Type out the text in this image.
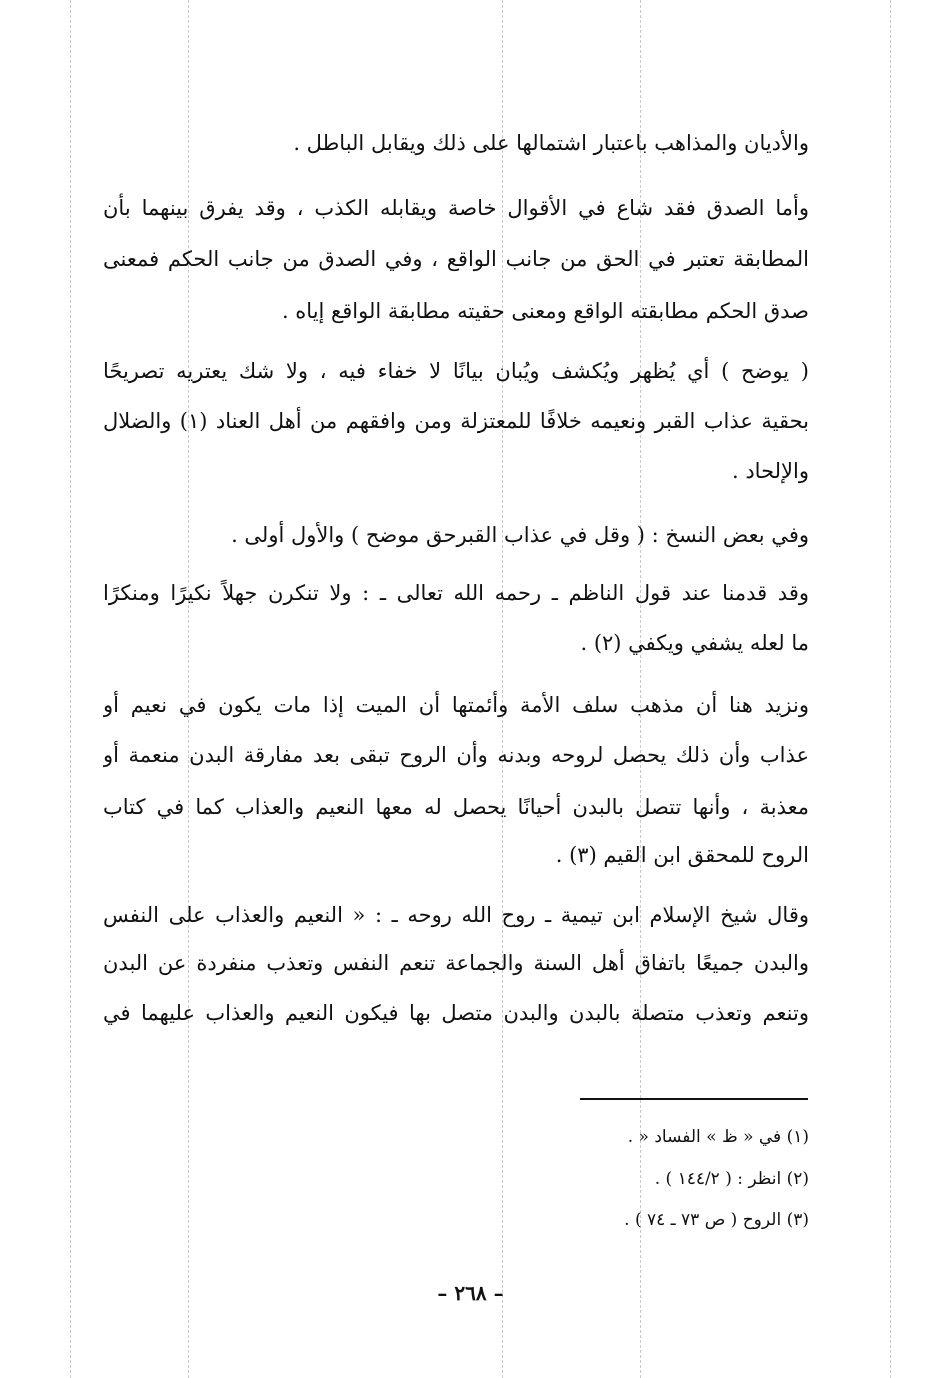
والأديان والمذاهب باعتبار اشتمالها على ذلك ويقابل الباطل .
وأما الصدق فقد شاع في الأقوال خاصة ويقابله الكذب ، وقد يفرق بينهما بأن
المطابقة تعتبر في الحق من جانب الواقع ، وفي الصدق من جانب الحكم فمعنى
صدق الحكم مطابقته الواقع ومعنى حقيته مطابقة الواقع إياه .
( يوضح ) أي يُظهر ويُكشف ويُبان بيانًا لا خفاء فيه ، ولا شك يعتريه تصريحًا
بحقية عذاب القبر ونعيمه خلافًا للمعتزلة ومن وافقهم من أهل العناد (١) والضلال
والإلحاد .
وفي بعض النسخ : ( وقل في عذاب القبرحق موضح ) والأول أولى .
وقد قدمنا عند قول الناظم ـ رحمه الله تعالى ـ : ولا تنكرن جهلاً نكيرًا ومنكرًا
ما لعله يشفي ويكفي (٢) .
ونزيد هنا أن مذهب سلف الأمة وأئمتها أن الميت إذا مات يكون في نعيم أو
عذاب وأن ذلك يحصل لروحه وبدنه وأن الروح تبقى بعد مفارقة البدن منعمة أو
معذبة ، وأنها تتصل بالبدن أحيانًا يحصل له معها النعيم والعذاب كما في كتاب
الروح للمحقق ابن القيم (٣) .
وقال شيخ الإسلام ابن تيمية ـ روح الله روحه ـ : « النعيم والعذاب على النفس
والبدن جميعًا باتفاق أهل السنة والجماعة تنعم النفس وتعذب منفردة عن البدن
وتنعم وتعذب متصلة بالبدن والبدن متصل بها فيكون النعيم والعذاب عليهما في
(١) في « ظ » الفساد « .
(٢) انظر : ( ١٤٤/٢ ) .
(٣) الروح ( ص ٧٣ ـ ٧٤ ) .
– ٢٦٨ –
